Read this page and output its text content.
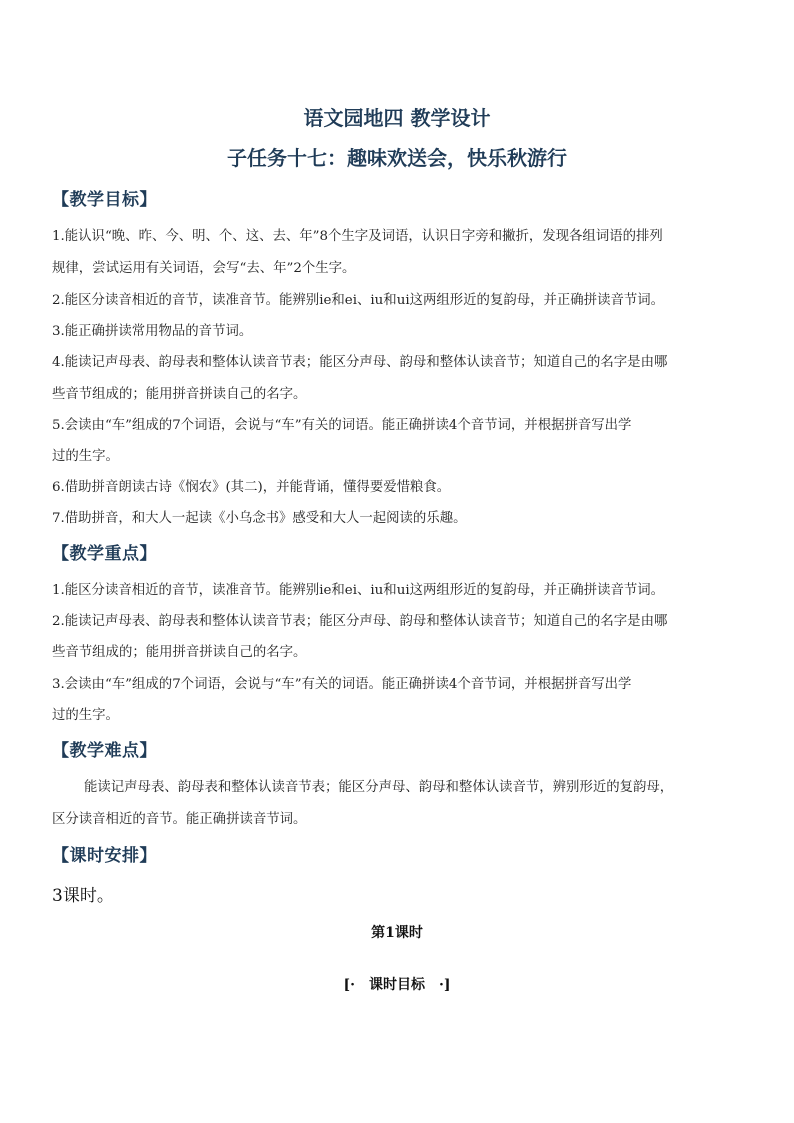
语文园地四 教学设计
子任务十七：趣味欢送会，快乐秋游行
【教学目标】
1.能认识“晚、昨、今、明、个、这、去、年”8个生字及词语，认识日字旁和撇折，发现各组词语的排列
规律，尝试运用有关词语，会写“去、年”2个生字。
2.能区分读音相近的音节，读准音节。能辨别ie和ei、iu和ui这两组形近的复韵母，并正确拼读音节词。
3.能正确拼读常用物品的音节词。
4.能读记声母表、韵母表和整体认读音节表；能区分声母、韵母和整体认读音节；知道自己的名字是由哪
些音节组成的；能用拼音拼读自己的名字。
5.会读由“车”组成的7个词语，会说与“车”有关的词语。能正确拼读4个音节词，并根据拼音写出学
过的生字。
6.借助拼音朗读古诗《悯农》(其二)，并能背诵，懂得要爱惜粮食。
7.借助拼音，和大人一起读《小乌念书》感受和大人一起阅读的乐趣。
【教学重点】
1.能区分读音相近的音节，读准音节。能辨别ie和ei、iu和ui这两组形近的复韵母，并正确拼读音节词。
2.能读记声母表、韵母表和整体认读音节表；能区分声母、韵母和整体认读音节；知道自己的名字是由哪
些音节组成的；能用拼音拼读自己的名字。
3.会读由“车”组成的7个词语，会说与“车”有关的词语。能正确拼读4个音节词，并根据拼音写出学
过的生字。
【教学难点】
能读记声母表、韵母表和整体认读音节表；能区分声母、韵母和整体认读音节，辨别形近的复韵母，
区分读音相近的音节。能正确拼读音节词。
【课时安排】
3课时。
第1课时
[·　课时目标　·]
